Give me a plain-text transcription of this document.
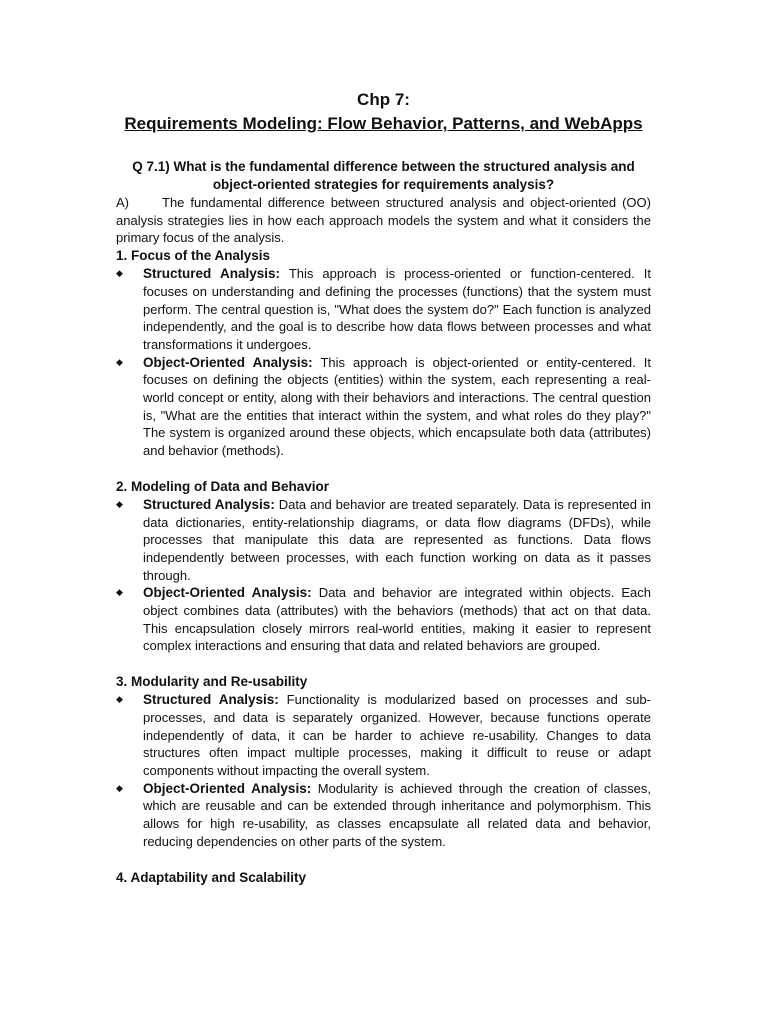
Chp 7:
Requirements Modeling: Flow Behavior, Patterns, and WebApps

Q 7.1) What is the fundamental difference between the structured analysis and object-oriented strategies for requirements analysis?

A)	The fundamental difference between structured analysis and object-oriented (OO) analysis strategies lies in how each approach models the system and what it considers the primary focus of the analysis.

1. Focus of the Analysis
◆ Structured Analysis: This approach is process-oriented or function-centered. It focuses on understanding and defining the processes (functions) that the system must perform. The central question is, "What does the system do?" Each function is analyzed independently, and the goal is to describe how data flows between processes and what transformations it undergoes.
◆ Object-Oriented Analysis: This approach is object-oriented or entity-centered. It focuses on defining the objects (entities) within the system, each representing a real-world concept or entity, along with their behaviors and interactions. The central question is, "What are the entities that interact within the system, and what roles do they play?" The system is organized around these objects, which encapsulate both data (attributes) and behavior (methods).
2. Modeling of Data and Behavior
◆ Structured Analysis: Data and behavior are treated separately. Data is represented in data dictionaries, entity-relationship diagrams, or data flow diagrams (DFDs), while processes that manipulate this data are represented as functions. Data flows independently between processes, with each function working on data as it passes through.
◆ Object-Oriented Analysis: Data and behavior are integrated within objects. Each object combines data (attributes) with the behaviors (methods) that act on that data. This encapsulation closely mirrors real-world entities, making it easier to represent complex interactions and ensuring that data and related behaviors are grouped.
3. Modularity and Re-usability
◆ Structured Analysis: Functionality is modularized based on processes and sub-processes, and data is separately organized. However, because functions operate independently of data, it can be harder to achieve re-usability. Changes to data structures often impact multiple processes, making it difficult to reuse or adapt components without impacting the overall system.
◆ Object-Oriented Analysis: Modularity is achieved through the creation of classes, which are reusable and can be extended through inheritance and polymorphism. This allows for high re-usability, as classes encapsulate all related data and behavior, reducing dependencies on other parts of the system.
4. Adaptability and Scalability
